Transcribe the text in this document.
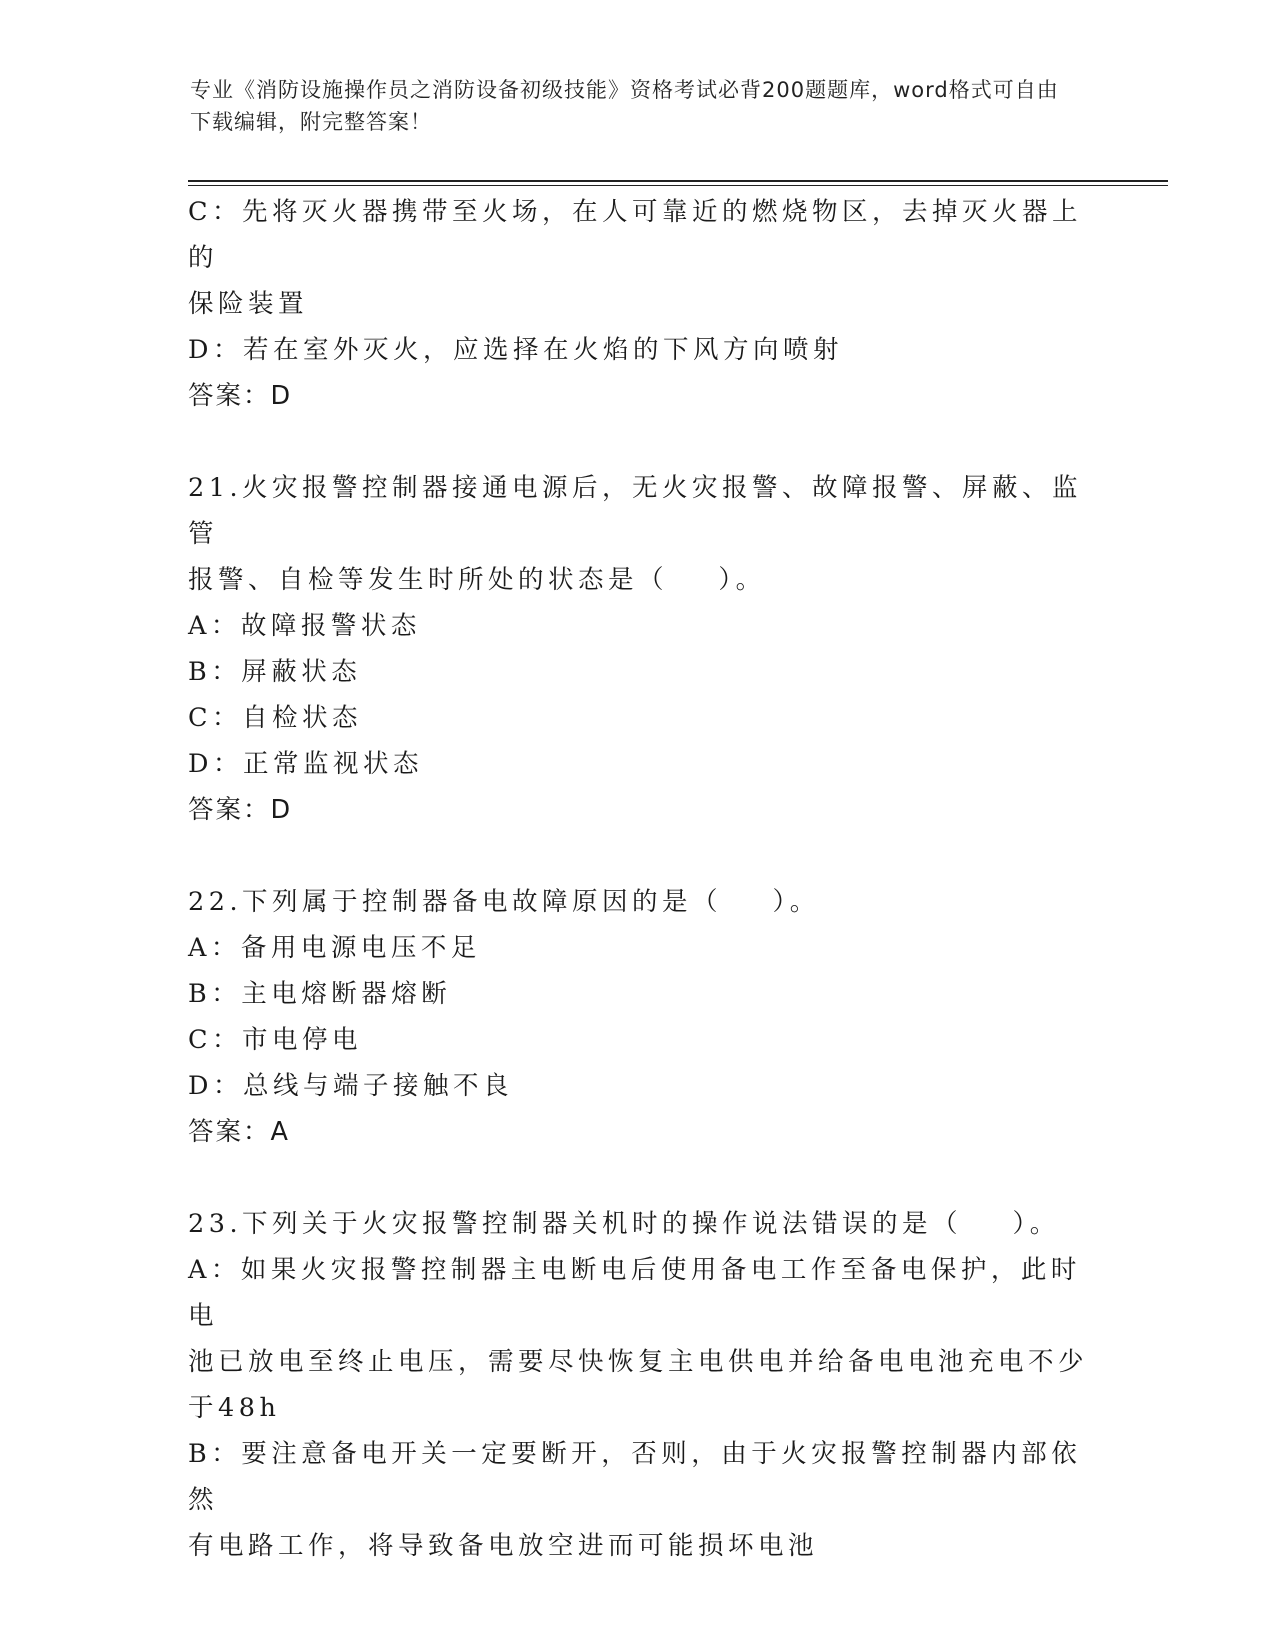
专业《消防设施操作员之消防设备初级技能》资格考试必背200题题库，word格式可自由下载编辑，附完整答案！
C：先将灭火器携带至火场，在人可靠近的燃烧物区，去掉灭火器上的
保险装置
D：若在室外灭火，应选择在火焰的下风方向喷射
答案：D
21.火灾报警控制器接通电源后，无火灾报警、故障报警、屏蔽、监管
报警、自检等发生时所处的状态是（    ）。
A：故障报警状态
B：屏蔽状态
C：自检状态
D：正常监视状态
答案：D
22.下列属于控制器备电故障原因的是（    ）。
A：备用电源电压不足
B：主电熔断器熔断
C：市电停电
D：总线与端子接触不良
答案：A
23.下列关于火灾报警控制器关机时的操作说法错误的是（    ）。
A：如果火灾报警控制器主电断电后使用备电工作至备电保护，此时电
池已放电至终止电压，需要尽快恢复主电供电并给备电电池充电不少
于48h
B：要注意备电开关一定要断开，否则，由于火灾报警控制器内部依然
有电路工作，将导致备电放空进而可能损坏电池
